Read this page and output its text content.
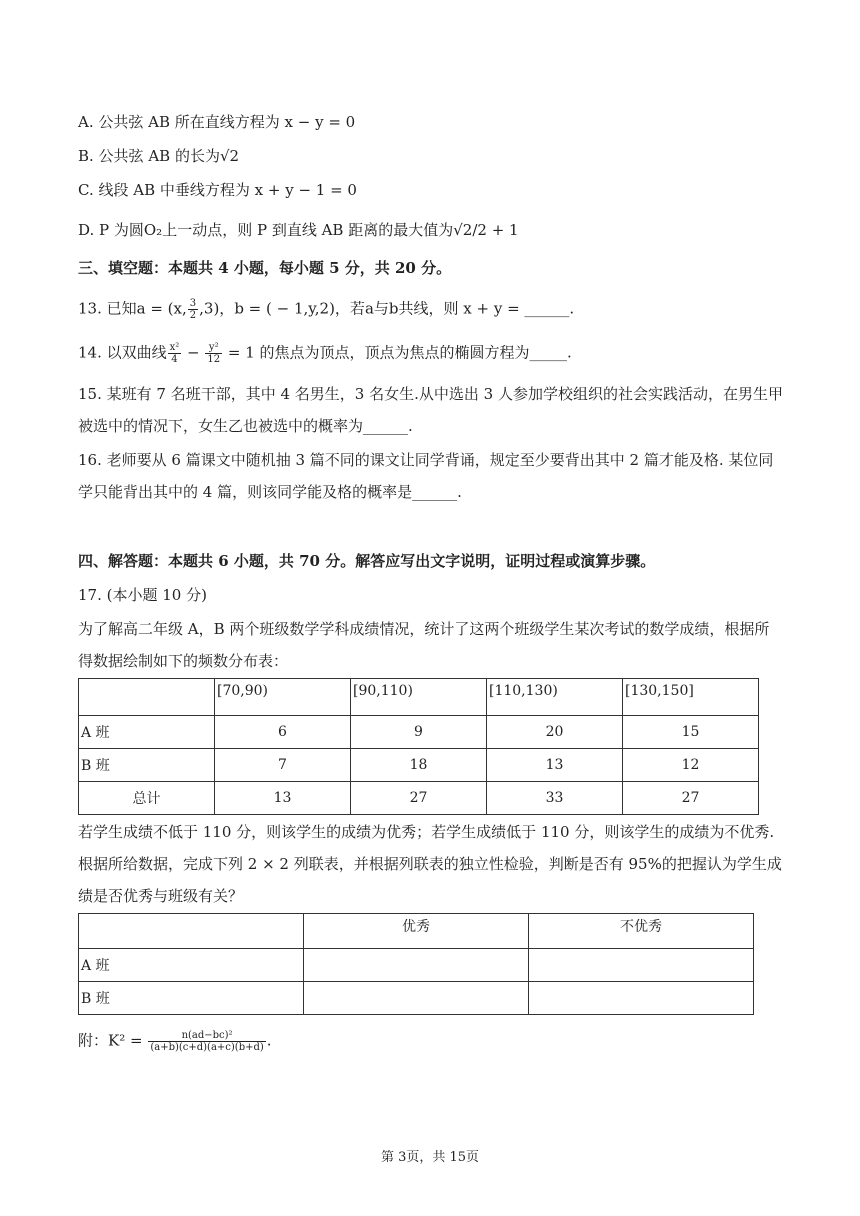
A. 公共弦 AB 所在直线方程为 x − y = 0
B. 公共弦 AB 的长为√2
C. 线段 AB 中垂线方程为 x + y − 1 = 0
D. P 为圆O₂上一动点，则 P 到直线 AB 距离的最大值为√2/2 + 1
三、填空题：本题共 4 小题，每小题 5 分，共 20 分。
13. 已知a = (x, $\frac{3}{2} ,3$)，b = ( − 1,y,2)，若a与b共线，则 x + y = ______.
14. 以双曲线 $\frac{\text{x²}}{4} - \frac{\text{y²}}{12} = 1$ 的焦点为顶点，顶点为焦点的椭圆方程为_____.
15. 某班有 7 名班干部，其中 4 名男生，3 名女生.从中选出 3 人参加学校组织的社会实践活动，在男生甲被选中的情况下，女生乙也被选中的概率为______.
16. 老师要从 6 篇课文中随机抽 3 篇不同的课文让同学背诵，规定至少要背出其中 2 篇才能及格. 某位同学只能背出其中的 4 篇，则该同学能及格的概率是______.
四、解答题：本题共 6 小题，共 70 分。解答应写出文字说明，证明过程或演算步骤。
17. (本小题 10 分)
为了解高二年级 A，B 两个班级数学学科成绩情况，统计了这两个班级学生某次考试的数学成绩，根据所得数据绘制如下的频数分布表：
	[70,90)	[90,110)	[110,130)	[130,150]
A 班	6	9	20	15
B 班	7	18	13	12
总计	13	27	33	27
若学生成绩不低于 110 分，则该学生的成绩为优秀；若学生成绩低于 110 分，则该学生的成绩为不优秀. 根据所给数据，完成下列 2 × 2 列联表，并根据列联表的独立性检验，判断是否有 95%的把握认为学生成绩是否优秀与班级有关？
	优秀	不优秀
A 班		
B 班		
附：$K^2 = \frac{\text{n(ad−bc)²}}{(a+b)(c+d)(a+c)(b+d)}$ .
第 3页，共 15页
